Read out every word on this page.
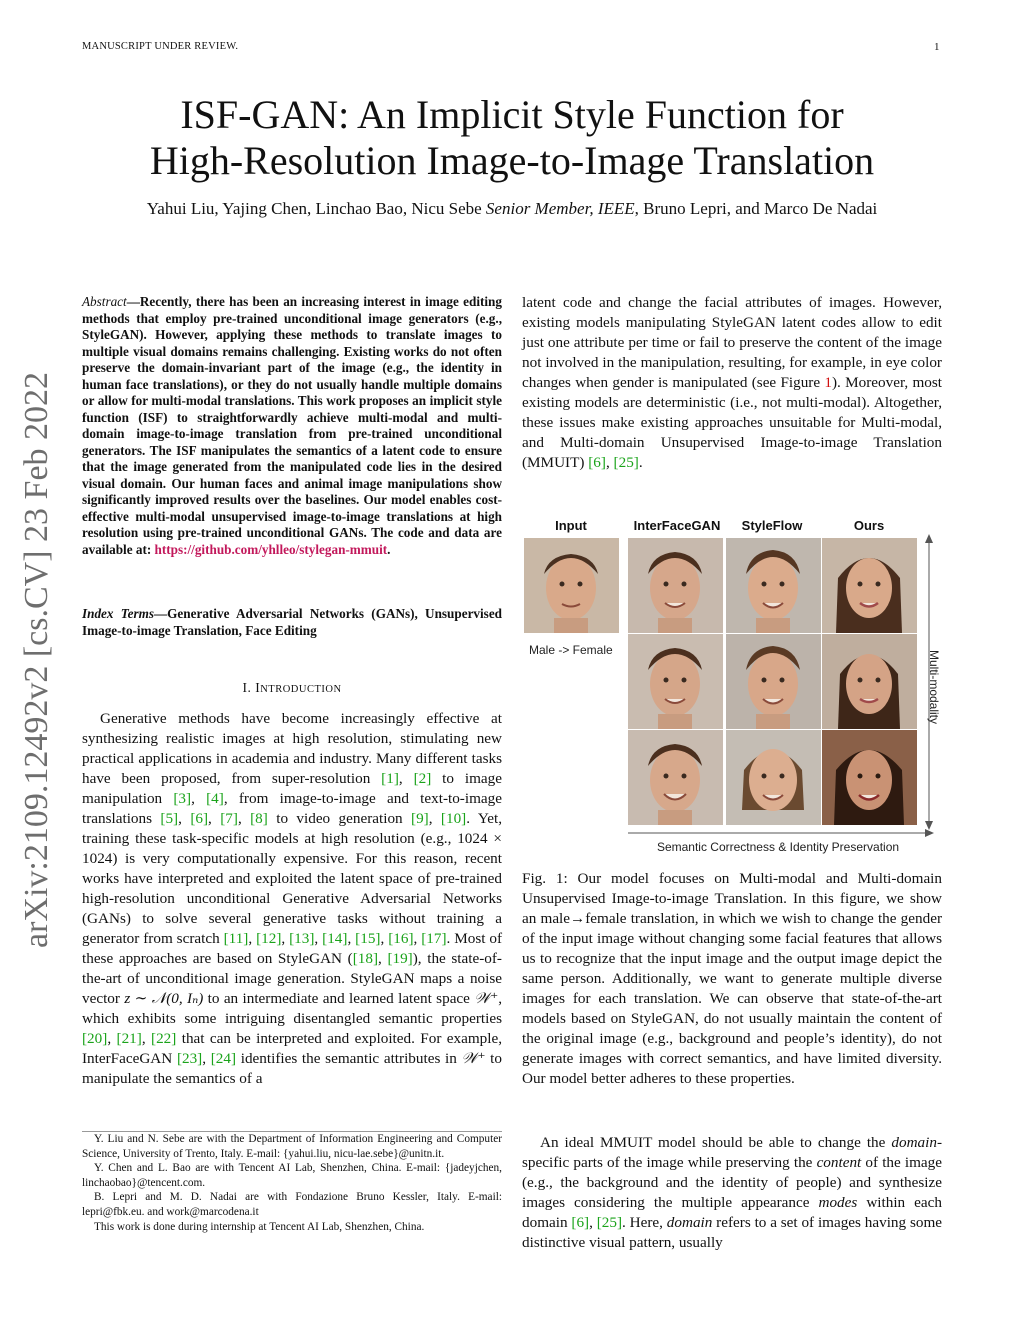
MANUSCRIPT UNDER REVIEW.	1
ISF-GAN: An Implicit Style Function for
High-Resolution Image-to-Image Translation
Yahui Liu, Yajing Chen, Linchao Bao, Nicu Sebe Senior Member, IEEE, Bruno Lepri, and Marco De Nadai
arXiv:2109.12492v2 [cs.CV] 23 Feb 2022
Abstract—Recently, there has been an increasing interest in image editing methods that employ pre-trained unconditional image generators (e.g., StyleGAN). However, applying these methods to translate images to multiple visual domains remains challenging. Existing works do not often preserve the domain-invariant part of the image (e.g., the identity in human face translations), or they do not usually handle multiple domains or allow for multi-modal translations. This work proposes an implicit style function (ISF) to straightforwardly achieve multi-modal and multi-domain image-to-image translation from pre-trained unconditional generators. The ISF manipulates the semantics of a latent code to ensure that the image generated from the manipulated code lies in the desired visual domain. Our human faces and animal image manipulations show significantly improved results over the baselines. Our model enables cost-effective multi-modal unsupervised image-to-image translations at high resolution using pre-trained unconditional GANs. The code and data are available at: https://github.com/yhlleo/stylegan-mmuit.
Index Terms—Generative Adversarial Networks (GANs), Unsupervised Image-to-image Translation, Face Editing
I. INTRODUCTION

Generative methods have become increasingly effective at synthesizing realistic images at high resolution, stimulating new practical applications in academia and industry. Many different tasks have been proposed, from super-resolution [1], [2] to image manipulation [3], [4], from image-to-image and text-to-image translations [5], [6], [7], [8] to video generation [9], [10]. Yet, training these task-specific models at high resolution (e.g., 1024 × 1024) is very computationally expensive. For this reason, recent works have interpreted and exploited the latent space of pre-trained high-resolution unconditional Generative Adversarial Networks (GANs) to solve several generative tasks without training a generator from scratch [11], [12], [13], [14], [15], [16], [17]. Most of these approaches are based on StyleGAN ([18], [19]), the state-of-the-art of unconditional image generation. StyleGAN maps a noise vector z ∼ 𝒩(0, Iₙ) to an intermediate and learned latent space 𝒲⁺, which exhibits some intriguing disentangled semantic properties [20], [21], [22] that can be interpreted and exploited. For example, InterFaceGAN [23], [24] identifies the semantic attributes in 𝒲⁺ to manipulate the semantics of a

Y. Liu and N. Sebe are with the Department of Information Engineering and Computer Science, University of Trento, Italy. E-mail: {yahui.liu, nicu-lae.sebe}@unitn.it.

Y. Chen and L. Bao are with Tencent AI Lab, Shenzhen, China. E-mail: {jadeyjchen, linchaobao}@tencent.com.

B. Lepri and M. D. Nadai are with Fondazione Bruno Kessler, Italy. E-mail: lepri@fbk.eu. and work@marcodena.it

This work is done during internship at Tencent AI Lab, Shenzhen, China.

latent code and change the facial attributes of images. However, existing models manipulating StyleGAN latent codes allow to edit just one attribute per time or fail to preserve the content of the image not involved in the manipulation, resulting, for example, in eye color changes when gender is manipulated (see Figure 1). Moreover, most existing models are deterministic (i.e., not multi-modal). Altogether, these issues make existing approaches unsuitable for Multi-modal, and Multi-domain Unsupervised Image-to-image Translation (MMUIT) [6], [25].

Input	InterFaceGAN	StyleFlow	Ours
Male -> Female	Multi-modality
Semantic Correctness & Identity Preservation

Fig. 1: Our model focuses on Multi-modal and Multi-domain Unsupervised Image-to-image Translation. In this figure, we show an male→female translation, in which we wish to change the gender of the input image without changing some facial features that allows us to recognize that the input image and the output image depict the same person. Additionally, we want to generate multiple diverse images for each translation. We can observe that state-of-the-art models based on StyleGAN, do not usually maintain the content of the original image (e.g., background and people’s identity), do not generate images with correct semantics, and have limited diversity. Our model better adheres to these properties.

An ideal MMUIT model should be able to change the domain-specific parts of the image while preserving the content of the image (e.g., the background and the identity of people) and synthesize images considering the multiple appearance modes within each domain [6], [25]. Here, domain refers to a set of images having some distinctive visual pattern, usually
